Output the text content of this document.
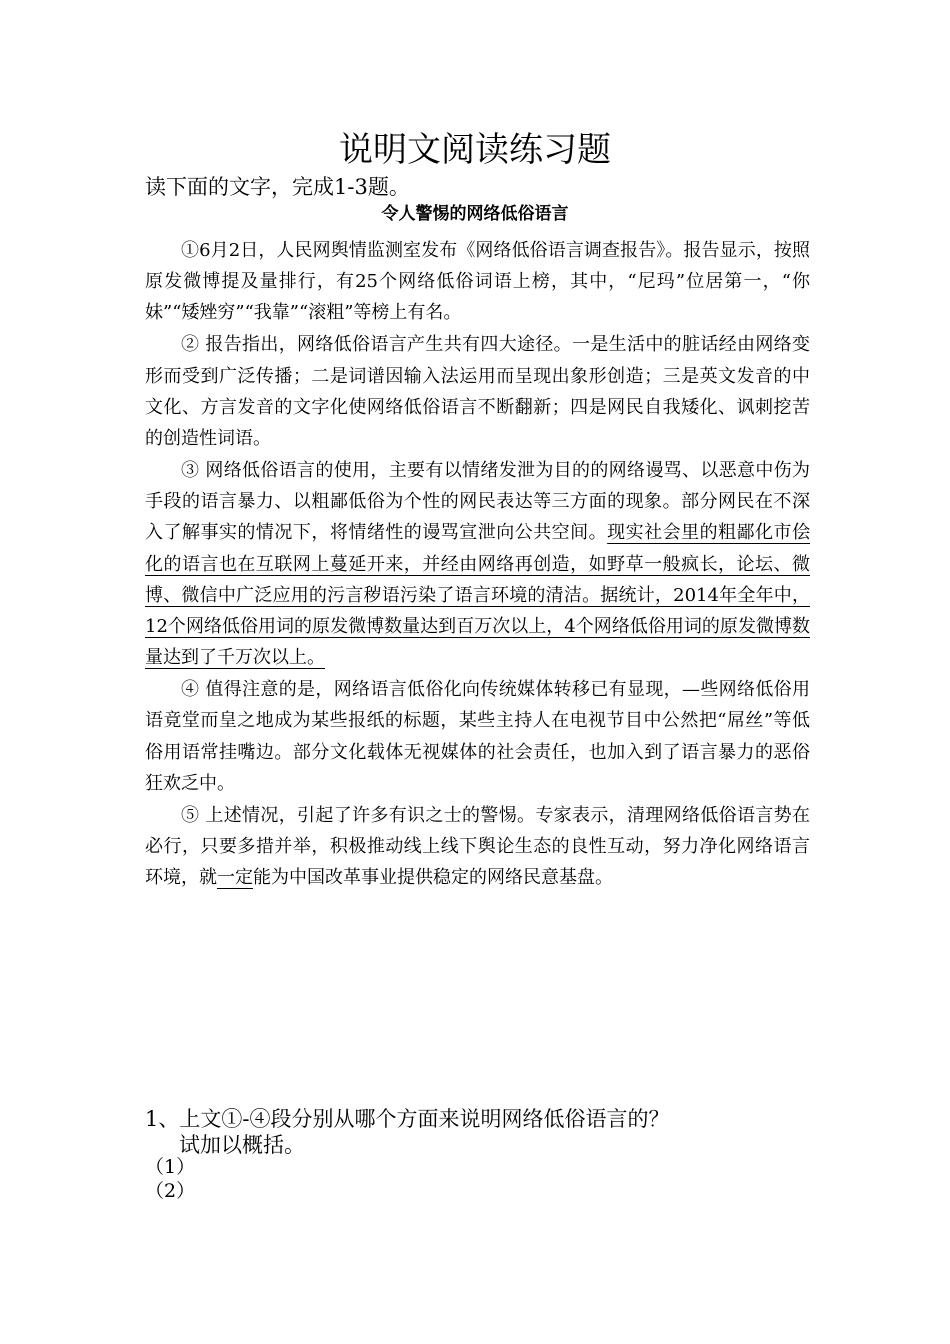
说明文阅读练习题

读下面的文字，完成1-3题。

令人警惕的网络低俗语言

①6月2日，人民网舆情监测室发布《网络低俗语言调查报告》。报告显示，按照原发微博提及量排行，有25个网络低俗词语上榜，其中，“尼玛”位居第一，“你妹”“矮矬穷”“我靠”“滚粗”等榜上有名。

② 报告指出，网络低俗语言产生共有四大途径。一是生活中的脏话经由网络变形而受到广泛传播；二是词谱因输入法运用而呈现出象形创造；三是英文发音的中文化、方言发音的文字化使网络低俗语言不断翻新；四是网民自我矮化、讽刺挖苦的创造性词语。

③ 网络低俗语言的使用，主要有以情绪发泄为目的的网络谩骂、以恶意中伤为手段的语言暴力、以粗鄙低俗为个性的网民表达等三方面的现象。部分网民在不深入了解事实的情况下，将情绪性的谩骂宣泄向公共空间。现实社会里的粗鄙化市侩化的语言也在互联网上蔓延开来，并经由网络再创造，如野草一般疯长，论坛、微博、微信中广泛应用的污言秽语污染了语言环境的清洁。据统计，2014年全年中，12个网络低俗用词的原发微博数量达到百万次以上，4个网络低俗用词的原发微博数量达到了千万次以上。

④ 值得注意的是，网络语言低俗化向传统媒体转移已有显现，—些网络低俗用语竟堂而皇之地成为某些报纸的标题，某些主持人在电视节目中公然把“屌丝”等低俗用语常挂嘴边。部分文化载体无视媒体的社会责任，也加入到了语言暴力的恶俗狂欢乏中。

⑤ 上述情况，引起了许多有识之士的警惕。专家表示，清理网络低俗语言势在必行，只要多措并举，积极推动线上线下舆论生态的良性互动，努力净化网络语言环境，就一定能为中国改革事业提供稳定的网络民意基盘。

1、上文①-④段分别从哪个方面来说明网络低俗语言的？

试加以概括。

（1）
（2）
